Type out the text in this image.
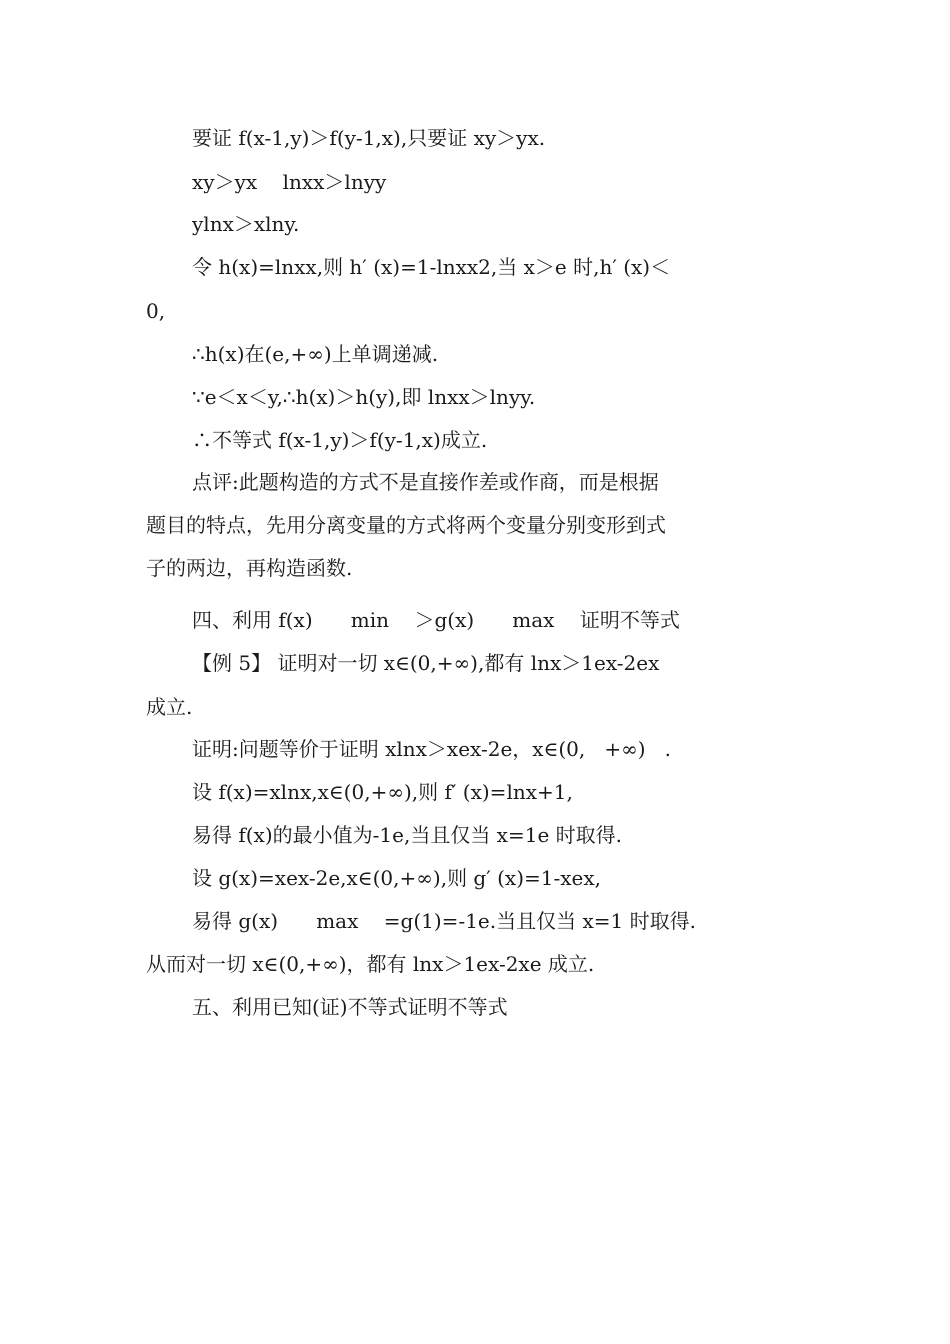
要证 f(x-1,y)＞f(y-1,x),只要证 xy＞yx.
xy＞yx    lnxx＞lnyy
ylnx＞xlny.
令 h(x)=lnxx,则 h′ (x)=1-lnxx2,当 x＞e 时,h′ (x)＜
0,
∴h(x)在(e,+∞)上单调递减.
∵e＜x＜y,∴h(x)＞h(y),即 lnxx＞lnyy.
∴不等式 f(x-1,y)＞f(y-1,x)成立.
点评:此题构造的方式不是直接作差或作商，而是根据
题目的特点，先用分离变量的方式将两个变量分别变形到式
子的两边，再构造函数.
四、利用 f(x)      min    ＞g(x)      max    证明不等式
【例 5】 证明对一切 x∈(0,+∞),都有 lnx＞1ex-2ex
成立.
证明:问题等价于证明 xlnx＞xex-2e，x∈(0,   +∞)   .
设 f(x)=xlnx,x∈(0,+∞),则 f′ (x)=lnx+1,
易得 f(x)的最小值为-1e,当且仅当 x=1e 时取得.
设 g(x)=xex-2e,x∈(0,+∞),则 g′ (x)=1-xex,
易得 g(x)      max    =g(1)=-1e.当且仅当 x=1 时取得.
从而对一切 x∈(0,+∞)，都有 lnx＞1ex-2xe 成立.
五、利用已知(证)不等式证明不等式
